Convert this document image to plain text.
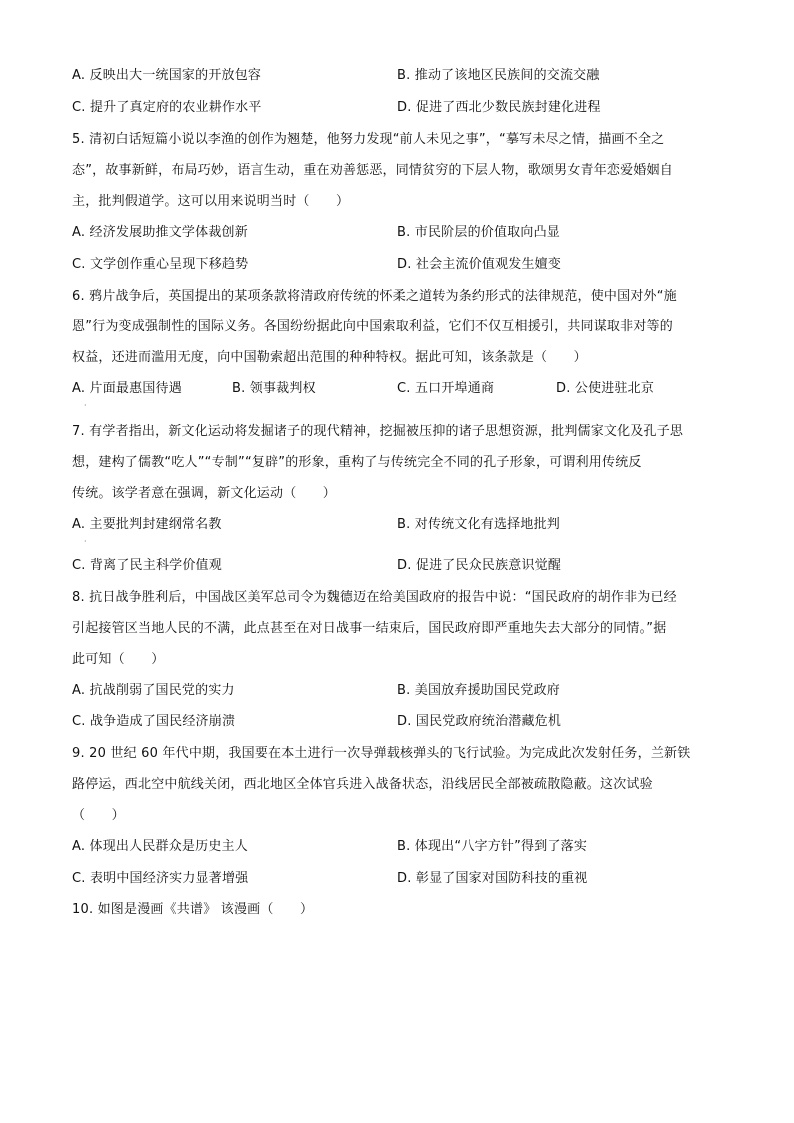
A. 反映出大一统国家的开放包容	B. 推动了该地区民族间的交流交融
C. 提升了真定府的农业耕作水平	D. 促进了西北少数民族封建化进程
5. 清初白话短篇小说以李渔的创作为翘楚，他努力发现“前人未见之事”，“摹写未尽之情，描画不全之
态”，故事新鲜，布局巧妙，语言生动，重在劝善惩恶，同情贫穷的下层人物，歌颂男女青年恋爱婚姻自
主，批判假道学。这可以用来说明当时（　　）
A. 经济发展助推文学体裁创新	B. 市民阶层的价值取向凸显
C. 文学创作重心呈现下移趋势	D. 社会主流价值观发生嬗变
6. 鸦片战争后，英国提出的某项条款将清政府传统的怀柔之道转为条约形式的法律规范，使中国对外“施
恩”行为变成强制性的国际义务。各国纷纷据此向中国索取利益，它们不仅互相援引，共同谋取非对等的
权益，还进而滥用无度，向中国勒索超出范围的种种特权。据此可知，该条款是（　　）
A. 片面最惠国待遇	B. 领事裁判权	C. 五口开埠通商	D. 公使进驻北京
·
7. 有学者指出，新文化运动将发掘诸子的现代精神，挖掘被压抑的诸子思想资源，批判儒家文化及孔子思
想，建构了儒教“吃人”“专制”“复辟”的形象，重构了与传统完全不同的孔子形象，可谓利用传统反
传统。该学者意在强调，新文化运动（　　）
A. 主要批判封建纲常名教	B. 对传统文化有选择地批判
·
C. 背离了民主科学价值观	D. 促进了民众民族意识觉醒
8. 抗日战争胜利后，中国战区美军总司令为魏德迈在给美国政府的报告中说：“国民政府的胡作非为已经
引起接管区当地人民的不满，此点甚至在对日战事一结束后，国民政府即严重地失去大部分的同情。”据
此可知（　　）
A. 抗战削弱了国民党的实力	B. 美国放弃援助国民党政府
C. 战争造成了国民经济崩溃	D. 国民党政府统治潜藏危机
9. 20 世纪 60 年代中期，我国要在本土进行一次导弹载核弹头的飞行试验。为完成此次发射任务，兰新铁
路停运，西北空中航线关闭，西北地区全体官兵进入战备状态，沿线居民全部被疏散隐蔽。这次试验
（　　）
A. 体现出人民群众是历史主人	B. 体现出“八字方针”得到了落实
C. 表明中国经济实力显著增强	D. 彰显了国家对国防科技的重视
10. 如图是漫画《共谱》 该漫画（　　）
